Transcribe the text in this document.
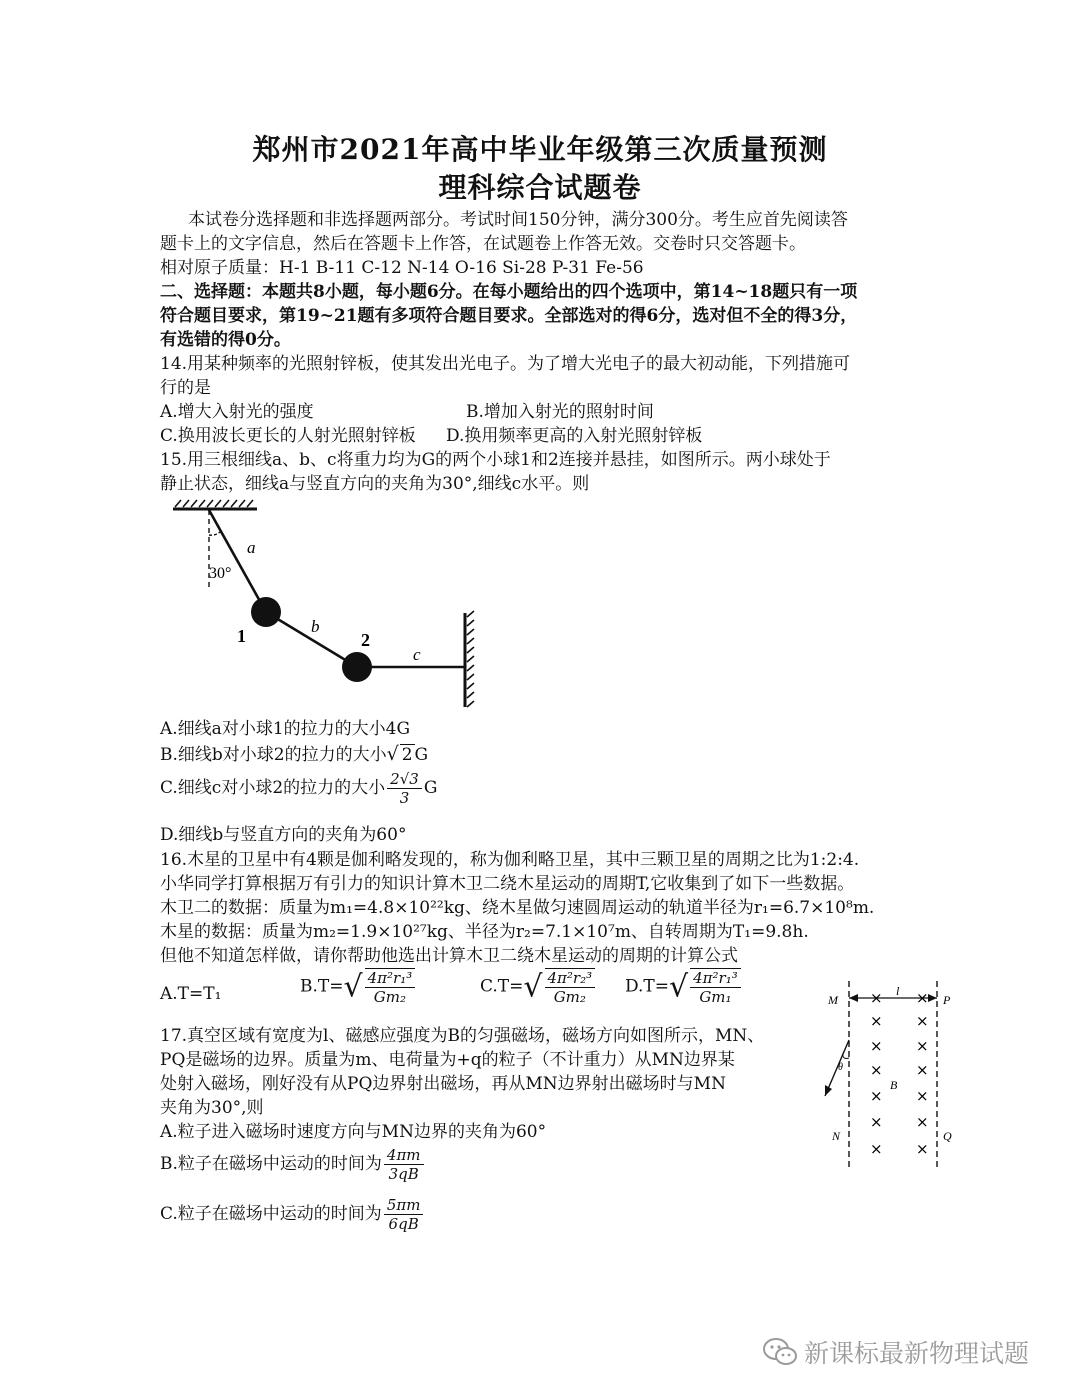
郑州市2021年高中毕业年级第三次质量预测
理科综合试题卷
本试卷分选择题和非选择题两部分。考试时间150分钟，满分300分。考生应首先阅读答
题卡上的文字信息，然后在答题卡上作答，在试题卷上作答无效。交卷时只交答题卡。
相对原子质量：H-1 B-11 C-12 N-14 O-16 Si-28 P-31 Fe-56
二、选择题：本题共8小题，每小题6分。在每小题给出的四个选项中，第14~18题只有一项
符合题目要求，第19~21题有多项符合题目要求。全部选对的得6分，选对但不全的得3分，
有选错的得0分。
14.用某种频率的光照射锌板，使其发出光电子。为了增大光电子的最大初动能，下列措施可
行的是
A.增大入射光的强度	B.增加入射光的照射时间
C.换用波长更长的人射光照射锌板 D.换用频率更高的入射光照射锌板
15.用三根细线a、b、c将重力均为G的两个小球1和2连接并悬挂，如图所示。两小球处于
静止状态，细线a与竖直方向的夹角为30°,细线c水平。则
a
30°
1	b
2
c
A.细线a对小球1的拉力的大小4G
B.细线b对小球2的拉力的大小√ 2 G
C.细线c对小球2的拉力的大小 $\frac{2√3}{3}$ G
D.细线b与竖直方向的夹角为60°
16.木星的卫星中有4颗是伽利略发现的，称为伽利略卫星，其中三颗卫星的周期之比为1:2:4.
小华同学打算根据万有引力的知识计算木卫二绕木星运动的周期T,它收集到了如下一些数据。
木卫二的数据：质量为m₁=4.8×10²²kg、绕木星做匀速圆周运动的轨道半径为r₁=6.7×10⁸m.
木星的数据：质量为m₂=1.9×10²⁷kg、半径为r₂=7.1×10⁷m、自转周期为T₁=9.8h.
但他不知道怎样做，请你帮助他选出计算木卫二绕木星运动的周期的计算公式
A.T=T₁	$B.T=√ \frac{\text{4π²r₁³}}{\text{Gm₂}}$	$C.T=√ \frac{\text{4π²r₂³}}{\text{Gm₂}} D.T=√ \frac{\text{4π²r₁³}}{\text{Gm₁}}$
17.真空区域有宽度为l、磁感应强度为B的匀强磁场，磁场方向如图所示，MN、
PQ是磁场的边界。质量为m、电荷量为+q的粒子（不计重力）从MN边界某
处射入磁场，刚好没有从PQ边界射出磁场，再从MN边界射出磁场时与MN
夹角为30°,则
A.粒子进入磁场时速度方向与MN边界的夹角为60°
B.粒子在磁场中运动的时间为 $\frac{4\pi m}{3qB}$
C.粒子在磁场中运动的时间为 $\frac{5\pi m}{6qB}$
× ×
× ×
× ×
× ×
× ×
× ×
× ×
M
N
P
Q
l
B
θ
新课标最新物理试题
